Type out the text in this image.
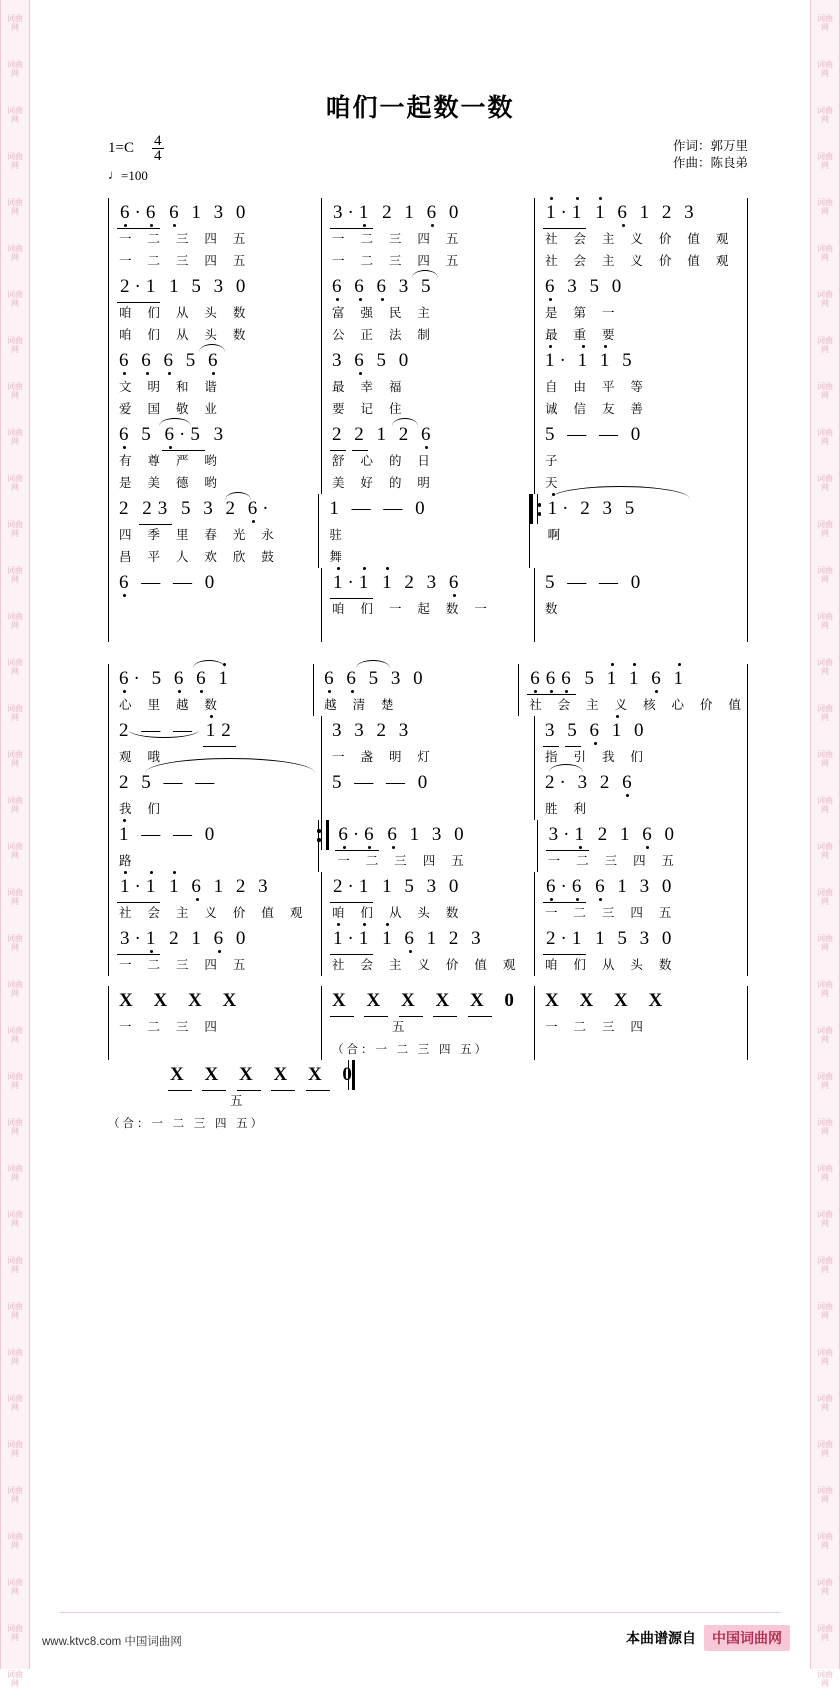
词曲
网
词曲
网
词曲
网
词曲
网
词曲
网
词曲
网
词曲
网
词曲
网
词曲
网
词曲
网
词曲
网
词曲
网
词曲
网
词曲
网
词曲
网
词曲
网
词曲
网
词曲
网
词曲
网
词曲
网
词曲
网
词曲
网
词曲
网
词曲
网
词曲
网
词曲
网
词曲
网
词曲
网
词曲
网
词曲
网
词曲
网
词曲
网
词曲
网
词曲
网
词曲
网
词曲
网
词曲
网
咱们一起数一数
1=C 4
4
♩=100
作词：郭万里
作曲：陈良弟
6 · 6 6 1 3 0
一 二 三 四 五
一 二 三 四 五
3 · 1 2 1 6 0
一 二 三 四 五
一 二 三 四 五
1 · 1 1 6 1 2 3
社 会 主 义 价 值 观
社 会 主 义 价 值 观
2 · 1 1 5 3 0
咱 们 从 头 数
咱 们 从 头 数
6 6 6 3 5
富 强 民 主
公 正 法 制
6 3 5 0
是 第 一
最 重 要
6 6 6 5 6
文 明 和 谐
爱 国 敬 业
3 6 5 0
最 幸 福
要 记 住
1 · 1 1 5
自 由 平 等
诚 信 友 善
6 5 6 · 5 3
有 尊 严 哟
是 美 德 哟
2 2 1 2 6
舒 心 的 日
美 好 的 明
5 — — 0
子
天
2 2 3 5 3 2 6 ·
四 季 里 春 光 永
昌 平 人 欢 欣 鼓
1 — — 0
驻
舞
1 · 2 3 5
啊
6 — — 0	1 · 1 1 2 3 6
咱 们 一 起 数 一
5 — — 0
数
6 · 5 6 6 1
心 里 越 数
6 6 5 3 0
越 清 楚
6 6 6 5 1 1 6 1
社 会 主 义 核 心 价 值
2 — — 1 2
观 哦
3 3 2 3
一 盏 明 灯
3 5 6 1 0
指 引 我 们
2 5 — —
我 们
5 — — 0	2 · 3 2 6
胜 利
1 — — 0
路
6 · 6 6 1 3 0
一 二 三 四 五
3 · 1 2 1 6 0
一 二 三 四 五
1 · 1 1 6 1 2 3
社 会 主 义 价 值 观
2 · 1 1 5 3 0
咱 们 从 头 数
6 · 6 6 1 3 0
一 二 三 四 五
3 · 1 2 1 6 0
一 二 三 四 五
1 · 1 1 6 1 2 3
社 会 主 义 价 值 观
2 · 1 1 5 3 0
咱 们 从 头 数
X X X X
一 二 三 四

X X X X X 0
五
（合：一 二 三 四 五）
X X X X
一 二 三 四

X X X X X 0
五
（合：一 二 三 四 五）
www.ktvc8.com 中国词曲网	本曲谱源自	中国词曲网
词曲
网
词曲
网
词曲
网
词曲
网
词曲
网
词曲
网
词曲
网
词曲
网
词曲
网
词曲
网
词曲
网
词曲
网
词曲
网
词曲
网
词曲
网
词曲
网
词曲
网
词曲
网
词曲
网
词曲
网
词曲
网
词曲
网
词曲
网
词曲
网
词曲
网
词曲
网
词曲
网
词曲
网
词曲
网
词曲
网
词曲
网
词曲
网
词曲
网
词曲
网
词曲
网
词曲
网
词曲
网
